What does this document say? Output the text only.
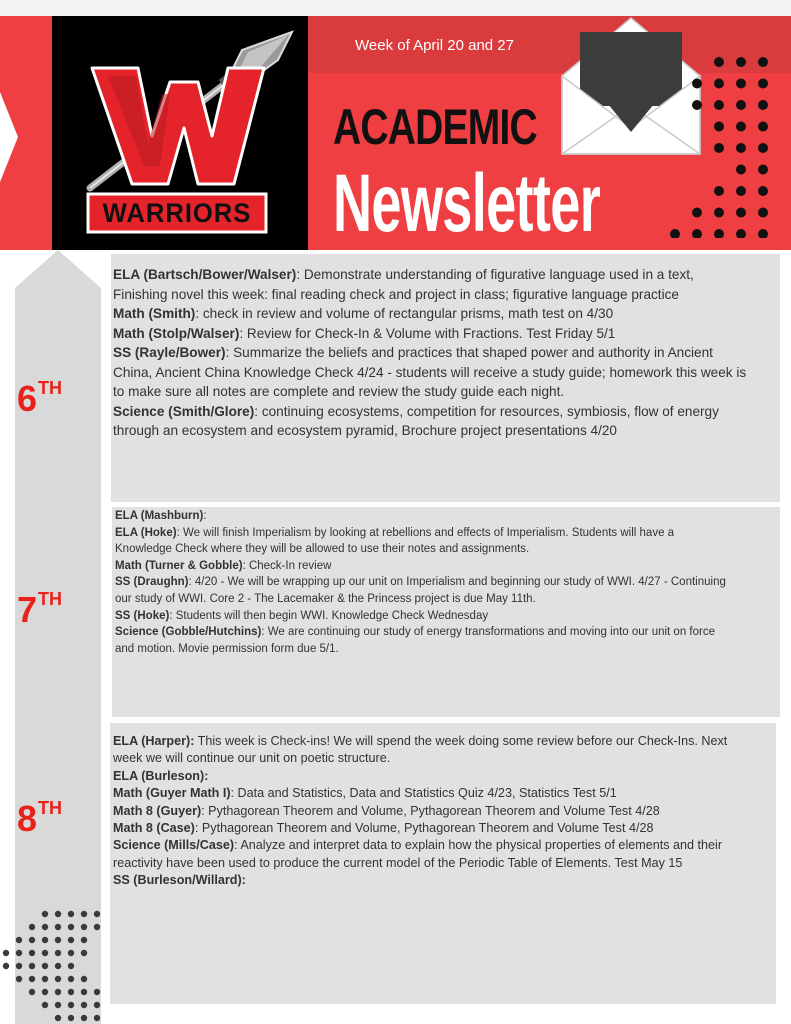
WARRIORS
Week of April 20 and 27
ACADEMIC
Newsletter
6TH
7TH
8TH
ELA (Bartsch/Bower/Walser): Demonstrate understanding of figurative language used in a text,
Finishing novel this week: final reading check and project in class; figurative language practice
Math (Smith): check in review and volume of rectangular prisms, math test on 4/30
Math (Stolp/Walser): Review for Check-In & Volume with Fractions. Test Friday 5/1
SS (Rayle/Bower): Summarize the beliefs and practices that shaped power and authority in Ancient
China, Ancient China Knowledge Check 4/24 - students will receive a study guide; homework this week is
to make sure all notes are complete and review the study guide each night.
Science (Smith/Glore): continuing ecosystems, competition for resources, symbiosis, flow of energy
through an ecosystem and ecosystem pyramid, Brochure project presentations 4/20
ELA (Mashburn):
ELA (Hoke): We will finish Imperialism by looking at rebellions and effects of Imperialism. Students will have a
Knowledge Check where they will be allowed to use their notes and assignments.
Math (Turner & Gobble): Check-In review
SS (Draughn): 4/20 - We will be wrapping up our unit on Imperialism and beginning our study of WWI. 4/27 - Continuing
our study of WWI. Core 2 - The Lacemaker & the Princess project is due May 11th.
SS (Hoke): Students will then begin WWI. Knowledge Check Wednesday
Science (Gobble/Hutchins): We are continuing our study of energy transformations and moving into our unit on force
and motion. Movie permission form due 5/1.
ELA (Harper): This week is Check-ins! We will spend the week doing some review before our Check-Ins. Next
week we will continue our unit on poetic structure.
ELA (Burleson):
Math (Guyer Math I): Data and Statistics, Data and Statistics Quiz 4/23, Statistics Test 5/1
Math 8 (Guyer): Pythagorean Theorem and Volume, Pythagorean Theorem and Volume Test 4/28
Math 8 (Case): Pythagorean Theorem and Volume, Pythagorean Theorem and Volume Test 4/28
Science (Mills/Case): Analyze and interpret data to explain how the physical properties of elements and their
reactivity have been used to produce the current model of the Periodic Table of Elements. Test May 15
SS (Burleson/Willard):
